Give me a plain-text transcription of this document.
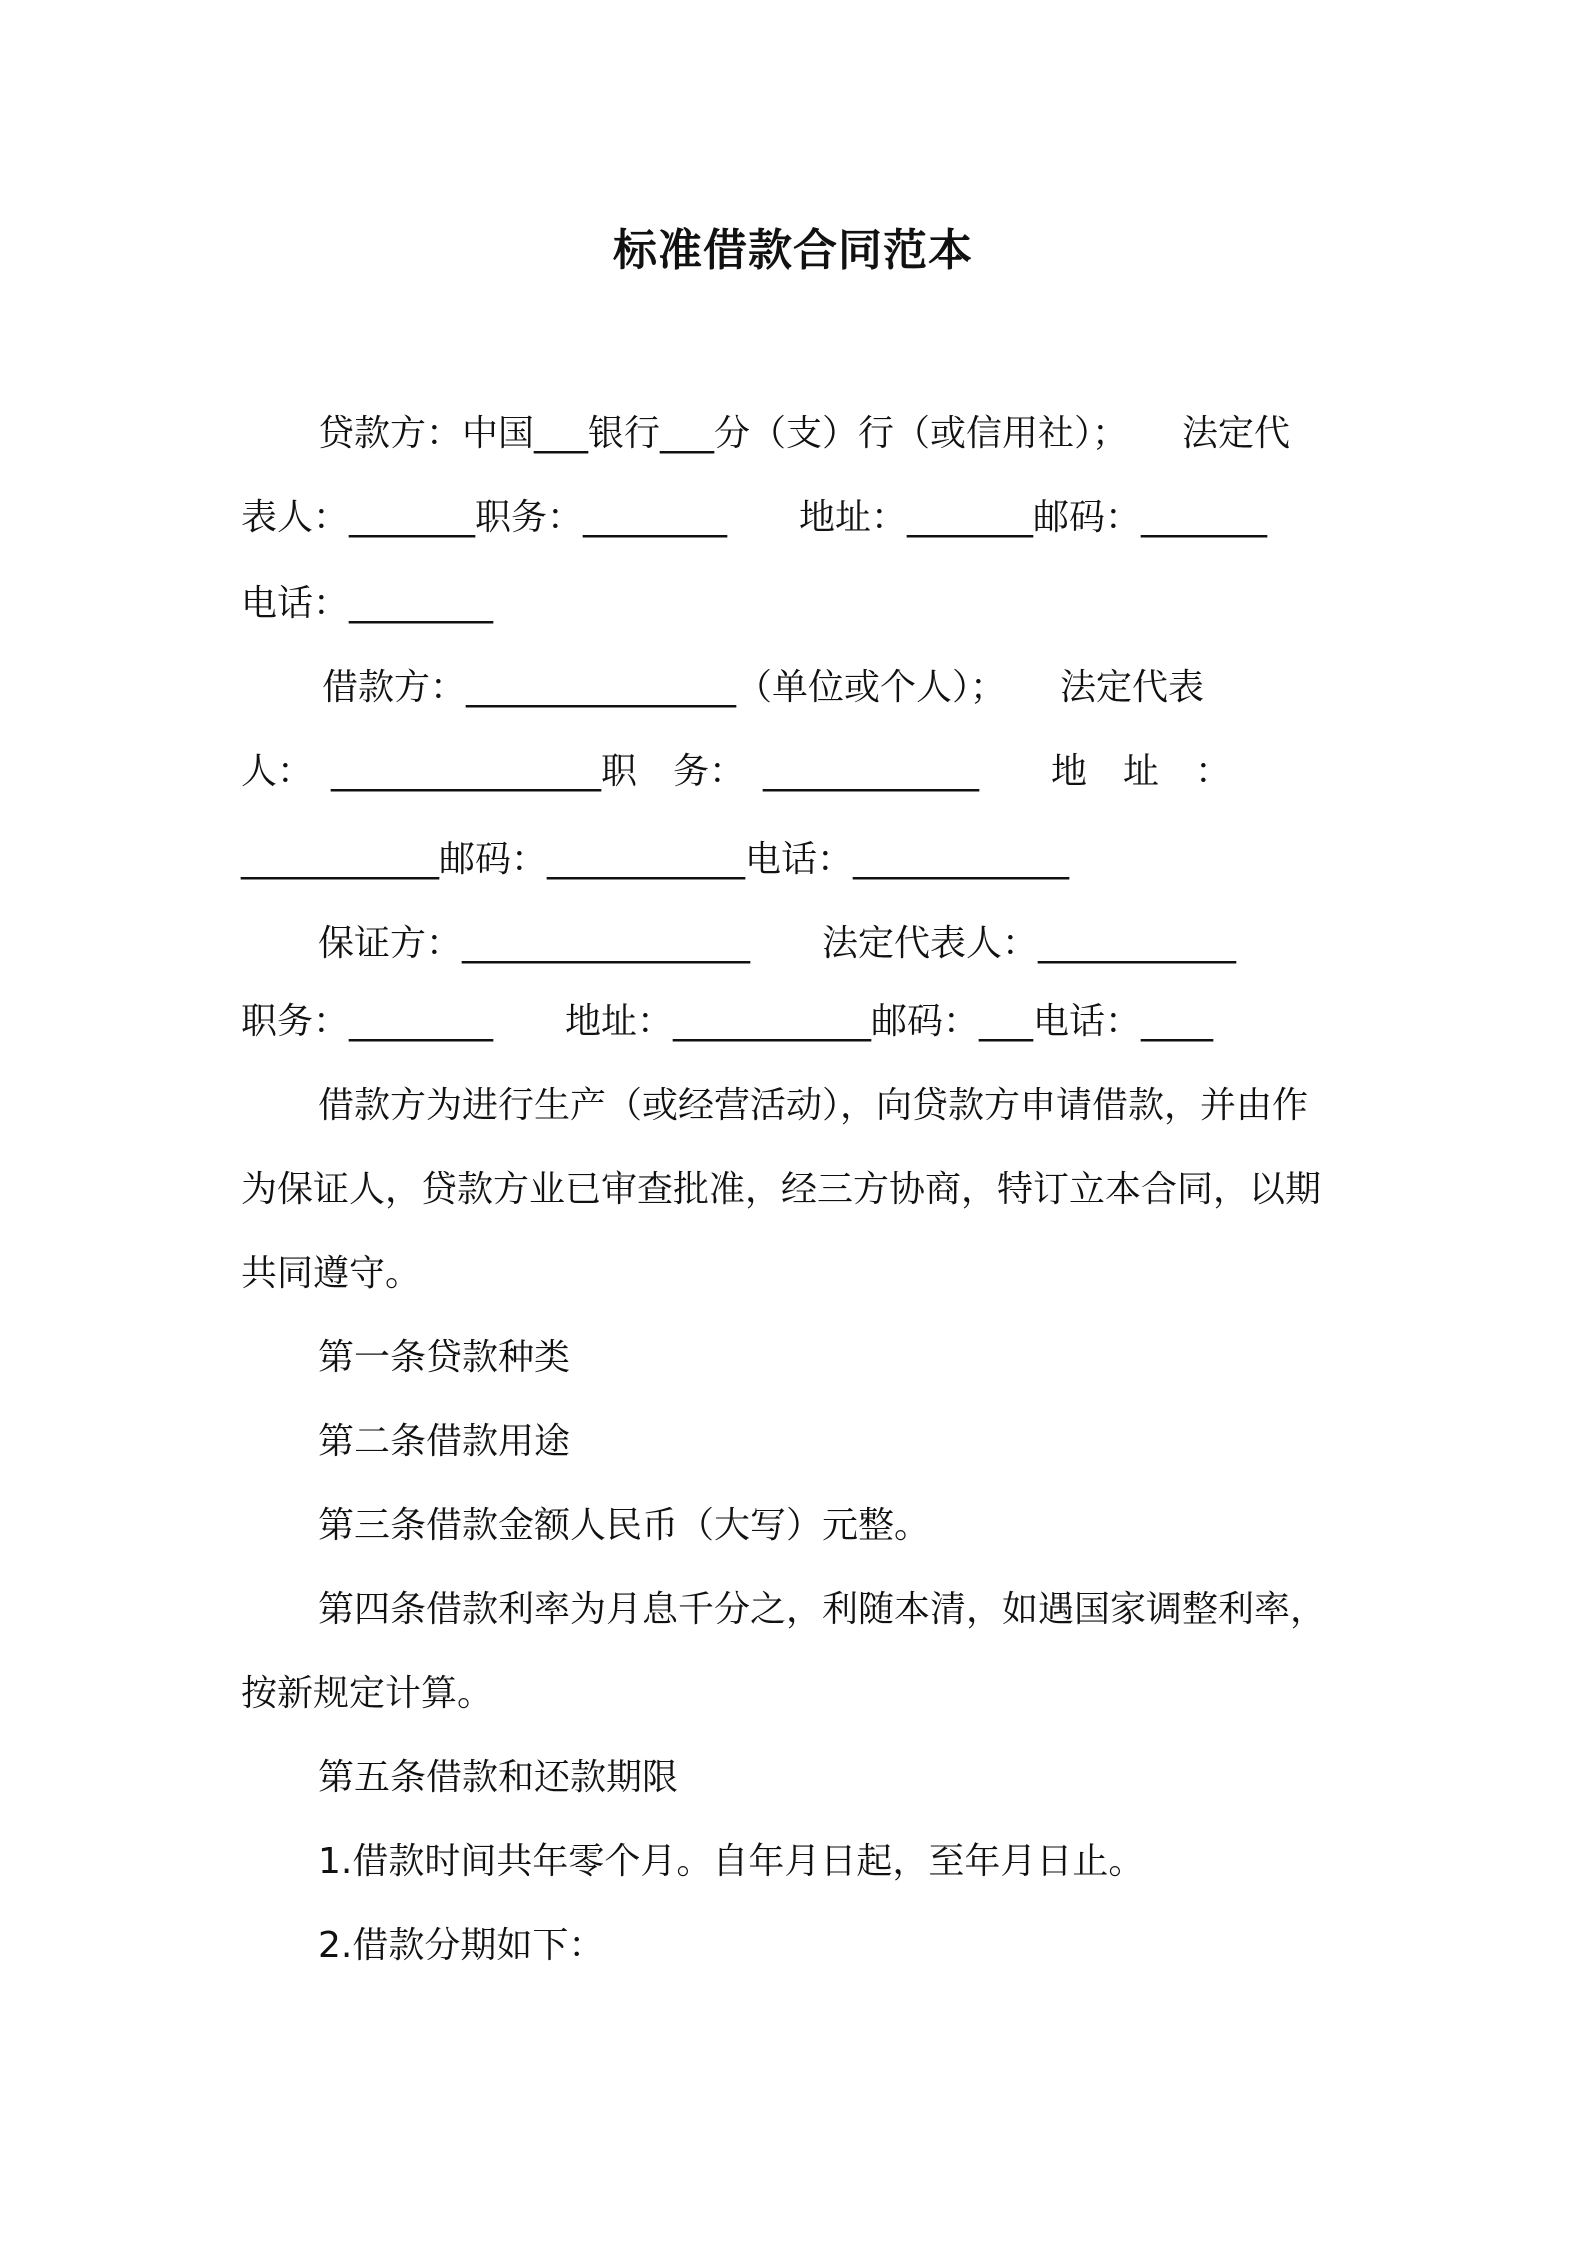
标准借款合同范本
贷款方：中国___银行___分（支）行（或信用社）；　　法定代
表人：_______职务：________　　地址：_______邮码：_______
电话：________
借款方：_______________（单位或个人）；　　法定代表
人：　_______________职　务：　____________　　地　址　：
___________邮码：___________电话：____________
保证方：________________　　法定代表人：___________
职务：________　　地址：___________邮码：___电话：____
借款方为进行生产（或经营活动），向贷款方申请借款，并由作
为保证人，贷款方业已审查批准，经三方协商，特订立本合同，以期
共同遵守。
第一条贷款种类
第二条借款用途
第三条借款金额人民币（大写）元整。
第四条借款利率为月息千分之，利随本清，如遇国家调整利率，
按新规定计算。
第五条借款和还款期限
1.借款时间共年零个月。自年月日起，至年月日止。
2.借款分期如下：
